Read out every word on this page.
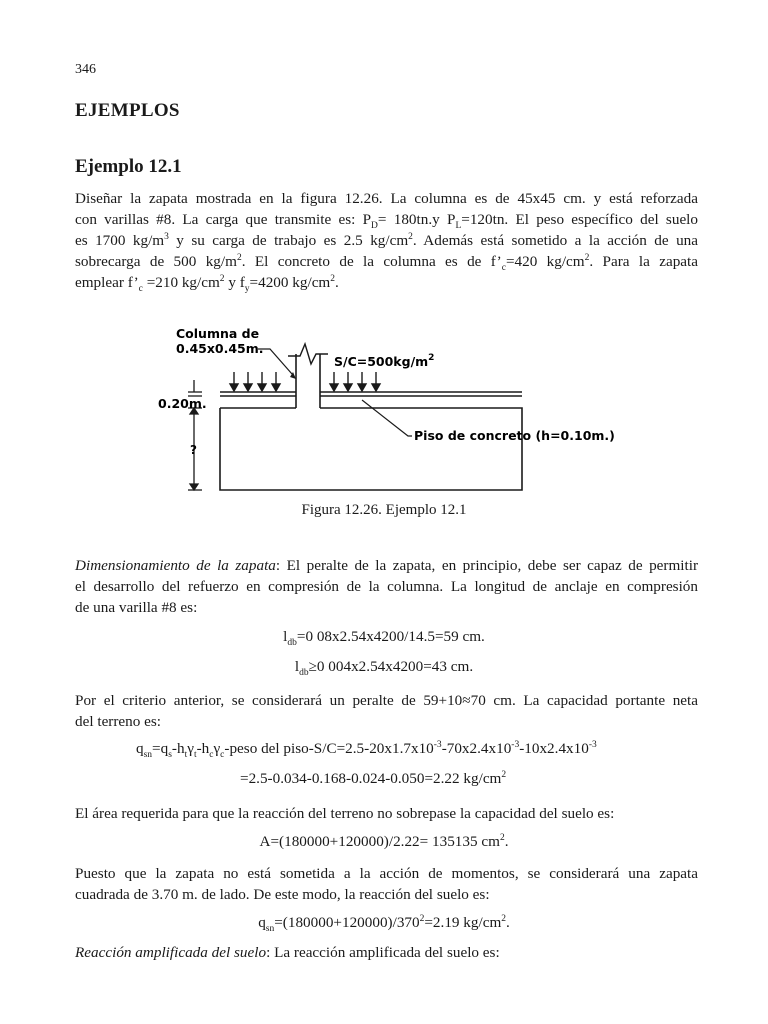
346
EJEMPLOS
Ejemplo 12.1

Diseñar la zapata mostrada en la figura 12.26. La columna es de 45x45 cm. y está reforzada
con varillas #8. La carga que transmite es: $P_D= 180tn.y$ $P_L=120tn$. El peso específico del suelo
es 1700 $kg/m^3$ y su carga de trabajo es 2.5 $kg/cm^2$. Además está sometido a la acción de una
sobrecarga de 500 $kg/m^2$. El concreto de la columna es de $f’_c=420$ $kg/cm^2$. Para la zapata
emplear $f’_c =210$ $kg/cm^2$ y $f_y=4200$ $kg/cm^2$.

Columna de
0.45x0.45m.
$S/C=500kg/m^2$
0.20m.
?
Piso de concreto (h=0.10m.)
Figura 12.26. Ejemplo 12.1

Dimensionamiento de la zapata: El peralte de la zapata, en principio, debe ser capaz de permitir
el desarrollo del refuerzo en compresión de la columna. La longitud de anclaje en compresión
de una varilla #8 es:

$l_{db}=0$ 08x2.54x4200/14.5=59 cm.

$l_{db}\ge 0$ 004x2.54x4200=43 cm.

Por el criterio anterior, se considerará un peralte de 59+10≈70 cm. La capacidad portante neta
del terreno es:

$q_{sn}=q_s-h_t\gamma_t-h_c\gamma_c$-peso del piso-$S/C=2.5-20x1.7x10^{-3}-70x2.4x10^{-3}-10x2.4x10^{-3}$

=2.5-0.034-0.168-0.024-0.050=2.22 $kg/cm^2$

El área requerida para que la reacción del terreno no sobrepase la capacidad del suelo es:

A=(180000+120000)/2.22= 135135 $cm^2$.

Puesto que la zapata no está sometida a la acción de momentos, se considerará una zapata
cuadrada de 3.70 m. de lado. De este modo, la reacción del suelo es:

$q_{sn}=(180000+120000)/370^2=2.19$ $kg/cm^2$.

Reacción amplificada del suelo: La reacción amplificada del suelo es:
